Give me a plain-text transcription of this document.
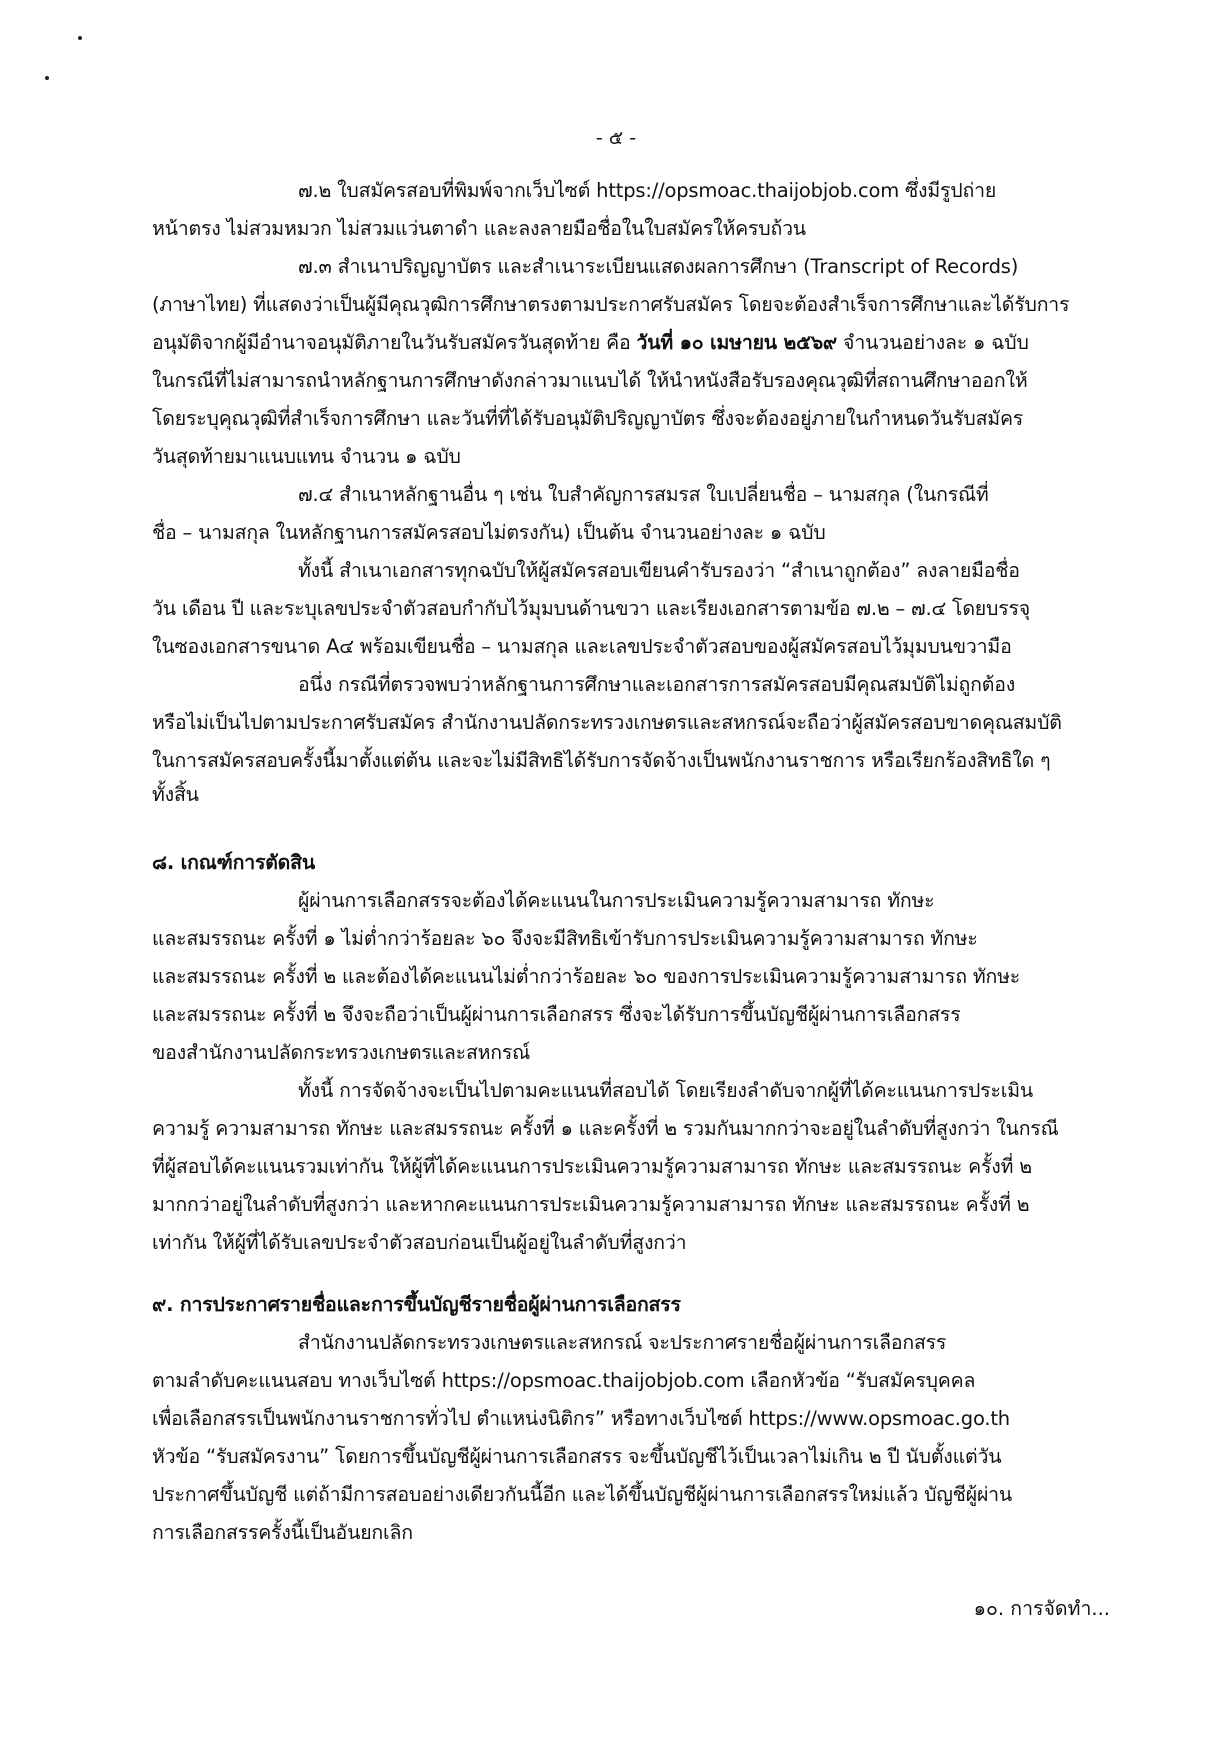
- ๕ -
๗.๒ ใบสมัครสอบที่พิมพ์จากเว็บไซต์ https://opsmoac.thaijobjob.com ซึ่งมีรูปถ่าย
หน้าตรง ไม่สวมหมวก ไม่สวมแว่นตาดำ และลงลายมือชื่อในใบสมัครให้ครบถ้วน
๗.๓ สำเนาปริญญาบัตร และสำเนาระเบียนแสดงผลการศึกษา (Transcript of Records)
(ภาษาไทย) ที่แสดงว่าเป็นผู้มีคุณวุฒิการศึกษาตรงตามประกาศรับสมัคร โดยจะต้องสำเร็จการศึกษาและได้รับการ
อนุมัติจากผู้มีอำนาจอนุมัติภายในวันรับสมัครวันสุดท้าย คือ วันที่ ๑๐ เมษายน ๒๕๖๙ จำนวนอย่างละ ๑ ฉบับ
ในกรณีที่ไม่สามารถนำหลักฐานการศึกษาดังกล่าวมาแนบได้ ให้นำหนังสือรับรองคุณวุฒิที่สถานศึกษาออกให้
โดยระบุคุณวุฒิที่สำเร็จการศึกษา และวันที่ที่ได้รับอนุมัติปริญญาบัตร ซึ่งจะต้องอยู่ภายในกำหนดวันรับสมัคร
วันสุดท้ายมาแนบแทน จำนวน ๑ ฉบับ
๗.๔ สำเนาหลักฐานอื่น ๆ เช่น ใบสำคัญการสมรส ใบเปลี่ยนชื่อ – นามสกุล (ในกรณีที่
ชื่อ – นามสกุล ในหลักฐานการสมัครสอบไม่ตรงกัน) เป็นต้น จำนวนอย่างละ ๑ ฉบับ
ทั้งนี้ สำเนาเอกสารทุกฉบับให้ผู้สมัครสอบเขียนคำรับรองว่า “สำเนาถูกต้อง” ลงลายมือชื่อ
วัน เดือน ปี และระบุเลขประจำตัวสอบกำกับไว้มุมบนด้านขวา และเรียงเอกสารตามข้อ ๗.๒ – ๗.๔ โดยบรรจุ
ในซองเอกสารขนาด A๔ พร้อมเขียนชื่อ – นามสกุล และเลขประจำตัวสอบของผู้สมัครสอบไว้มุมบนขวามือ
อนึ่ง กรณีที่ตรวจพบว่าหลักฐานการศึกษาและเอกสารการสมัครสอบมีคุณสมบัติไม่ถูกต้อง
หรือไม่เป็นไปตามประกาศรับสมัคร สำนักงานปลัดกระทรวงเกษตรและสหกรณ์จะถือว่าผู้สมัครสอบขาดคุณสมบัติ
ในการสมัครสอบครั้งนี้มาตั้งแต่ต้น และจะไม่มีสิทธิได้รับการจัดจ้างเป็นพนักงานราชการ หรือเรียกร้องสิทธิใด ๆ
ทั้งสิ้น
๘. เกณฑ์การตัดสิน
ผู้ผ่านการเลือกสรรจะต้องได้คะแนนในการประเมินความรู้ความสามารถ ทักษะ
และสมรรถนะ ครั้งที่ ๑ ไม่ต่ำกว่าร้อยละ ๖๐ จึงจะมีสิทธิเข้ารับการประเมินความรู้ความสามารถ ทักษะ
และสมรรถนะ ครั้งที่ ๒ และต้องได้คะแนนไม่ต่ำกว่าร้อยละ ๖๐ ของการประเมินความรู้ความสามารถ ทักษะ
และสมรรถนะ ครั้งที่ ๒ จึงจะถือว่าเป็นผู้ผ่านการเลือกสรร ซึ่งจะได้รับการขึ้นบัญชีผู้ผ่านการเลือกสรร
ของสำนักงานปลัดกระทรวงเกษตรและสหกรณ์
ทั้งนี้ การจัดจ้างจะเป็นไปตามคะแนนที่สอบได้ โดยเรียงลำดับจากผู้ที่ได้คะแนนการประเมิน
ความรู้ ความสามารถ ทักษะ และสมรรถนะ ครั้งที่ ๑ และครั้งที่ ๒ รวมกันมากกว่าจะอยู่ในลำดับที่สูงกว่า ในกรณี
ที่ผู้สอบได้คะแนนรวมเท่ากัน ให้ผู้ที่ได้คะแนนการประเมินความรู้ความสามารถ ทักษะ และสมรรถนะ ครั้งที่ ๒
มากกว่าอยู่ในลำดับที่สูงกว่า และหากคะแนนการประเมินความรู้ความสามารถ ทักษะ และสมรรถนะ ครั้งที่ ๒
เท่ากัน ให้ผู้ที่ได้รับเลขประจำตัวสอบก่อนเป็นผู้อยู่ในลำดับที่สูงกว่า
๙. การประกาศรายชื่อและการขึ้นบัญชีรายชื่อผู้ผ่านการเลือกสรร
สำนักงานปลัดกระทรวงเกษตรและสหกรณ์ จะประกาศรายชื่อผู้ผ่านการเลือกสรร
ตามลำดับคะแนนสอบ ทางเว็บไซต์ https://opsmoac.thaijobjob.com เลือกหัวข้อ “รับสมัครบุคคล
เพื่อเลือกสรรเป็นพนักงานราชการทั่วไป ตำแหน่งนิติกร” หรือทางเว็บไซต์ https://www.opsmoac.go.th
หัวข้อ “รับสมัครงาน” โดยการขึ้นบัญชีผู้ผ่านการเลือกสรร จะขึ้นบัญชีไว้เป็นเวลาไม่เกิน ๒ ปี นับตั้งแต่วัน
ประกาศขึ้นบัญชี แต่ถ้ามีการสอบอย่างเดียวกันนี้อีก และได้ขึ้นบัญชีผู้ผ่านการเลือกสรรใหม่แล้ว บัญชีผู้ผ่าน
การเลือกสรรครั้งนี้เป็นอันยกเลิก
๑๐. การจัดทำ...
